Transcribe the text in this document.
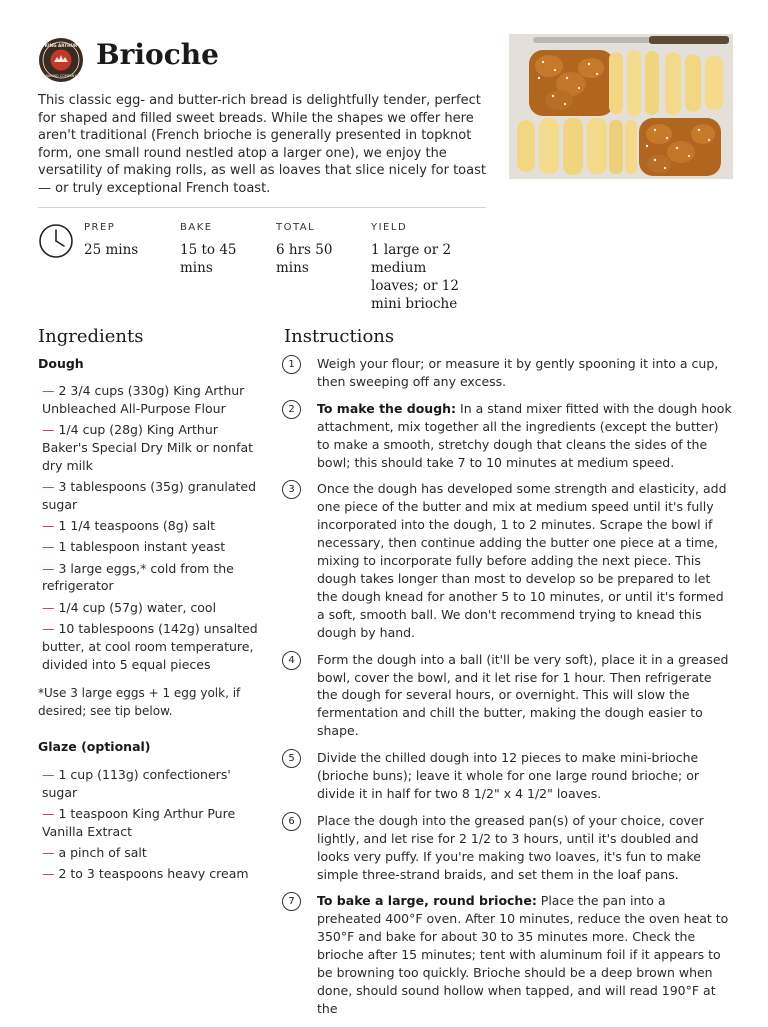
KING ARTHUR
BAKING COMPANY
Brioche

This classic egg- and butter-rich bread is delightfully tender, perfect for shaped and filled sweet breads. While the shapes we offer here aren't traditional (French brioche is generally presented in topknot form, one small round nestled atop a larger one), we enjoy the versatility of making rolls, as well as loaves that slice nicely for toast — or truly exceptional French toast.

PREP
25 mins
BAKE
15 to 45 mins
TOTAL
6 hrs 50 mins
YIELD
1 large or 2 medium loaves; or 12 mini brioche
Ingredients
Dough
— 2 3/4 cups (330g) King Arthur Unbleached All-Purpose Flour
— 1/4 cup (28g) King Arthur Baker's Special Dry Milk or nonfat dry milk
— 3 tablespoons (35g) granulated sugar
— 1 1/4 teaspoons (8g) salt
— 1 tablespoon instant yeast
— 3 large eggs,* cold from the refrigerator
— 1/4 cup (57g) water, cool
— 10 tablespoons (142g) unsalted butter, at cool room temperature, divided into 5 equal pieces

*Use 3 large eggs + 1 egg yolk, if desired; see tip below.

Glaze (optional)
— 1 cup (113g) confectioners' sugar
— 1 teaspoon King Arthur Pure Vanilla Extract
— a pinch of salt
— 2 to 3 teaspoons heavy cream
Instructions
1	Weigh your flour; or measure it by gently spooning it into a cup, then sweeping off any excess.
2	To make the dough: In a stand mixer fitted with the dough hook attachment, mix together all the ingredients (except the butter) to make a smooth, stretchy dough that cleans the sides of the bowl; this should take 7 to 10 minutes at medium speed.
3	Once the dough has developed some strength and elasticity, add one piece of the butter and mix at medium speed until it's fully incorporated into the dough, 1 to 2 minutes. Scrape the bowl if necessary, then continue adding the butter one piece at a time, mixing to incorporate fully before adding the next piece. This dough takes longer than most to develop so be prepared to let the dough knead for another 5 to 10 minutes, or until it's formed a soft, smooth ball. We don't recommend trying to knead this dough by hand.
4	Form the dough into a ball (it'll be very soft), place it in a greased bowl, cover the bowl, and it let rise for 1 hour. Then refrigerate the dough for several hours, or overnight. This will slow the fermentation and chill the butter, making the dough easier to shape.
5	Divide the chilled dough into 12 pieces to make mini-brioche (brioche buns); leave it whole for one large round brioche; or divide it in half for two 8 1/2" x 4 1/2" loaves.
6	Place the dough into the greased pan(s) of your choice, cover lightly, and let rise for 2 1/2 to 3 hours, until it's doubled and looks very puffy. If you're making two loaves, it's fun to make simple three-strand braids, and set them in the loaf pans.
7	To bake a large, round brioche: Place the pan into a preheated 400°F oven. After 10 minutes, reduce the oven heat to 350°F and bake for about 30 to 35 minutes more. Check the brioche after 15 minutes; tent with aluminum foil if it appears to be browning too quickly. Brioche should be a deep brown when done, should sound hollow when tapped, and will read 190°F at the
